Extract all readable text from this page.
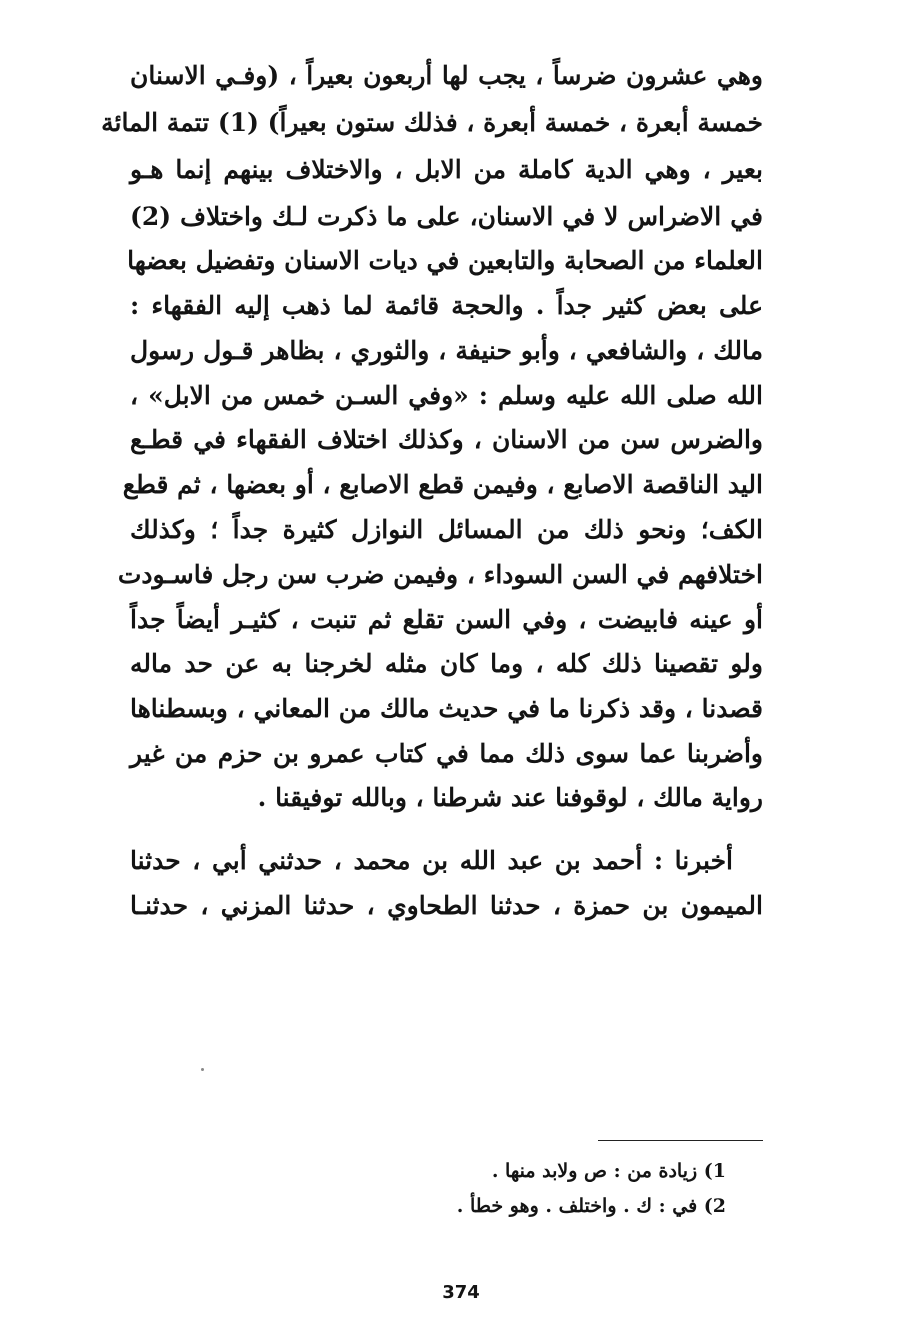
وهي عشرون ضرساً ، يجب لها أربعون بعيراً ، (وفـي الاسنان
خمسة أبعرة ، خمسة أبعرة ، فذلك ستون بعيراً) (1) تتمة المائة
بعير ، وهي الدية كاملة من الابل ، والاختلاف بينهم إنما هـو
في الاضراس لا في الاسنان، على ما ذكرت لـك واختلاف (2)
العلماء من الصحابة والتابعين في ديات الاسنان وتفضيل بعضها
على بعض كثير جداً . والحجة قائمة لما ذهب إليه الفقهاء :
مالك ، والشافعي ، وأبو حنيفة ، والثوري ، بظاهر قـول رسول
الله صلى الله عليه وسلم : «وفي السـن خمس من الابل» ،
والضرس سن من الاسنان ، وكذلك اختلاف الفقهاء في قطـع
اليد الناقصة الاصابع ، وفيمن قطع الاصابع ، أو بعضها ، ثم قطع
الكف؛ ونحو ذلك من المسائل النوازل كثيرة جداً ؛ وكذلك
اختلافهم في السن السوداء ، وفيمن ضرب سن رجل فاسـودت
أو عينه فابيضت ، وفي السن تقلع ثم تنبت ، كثيـر أيضاً جداً
ولو تقصينا ذلك كله ، وما كان مثله لخرجنا به عن حد ماله
قصدنا ، وقد ذكرنا ما في حديث مالك من المعاني ، وبسطناها
وأضربنا عما سوى ذلك مما في كتاب عمرو بن حزم من غير
رواية مالك ، لوقوفنا عند شرطنا ، وبالله توفيقنا .
أخبرنا : أحمد بن عبد الله بن محمد ، حدثني أبي ، حدثنا
الميمون بن حمزة ، حدثنا الطحاوي ، حدثنا المزني ، حدثنـا
1) زيادة من : ص ولابد منها .
2) في : ك . واختلف . وهو خطأ .
374
